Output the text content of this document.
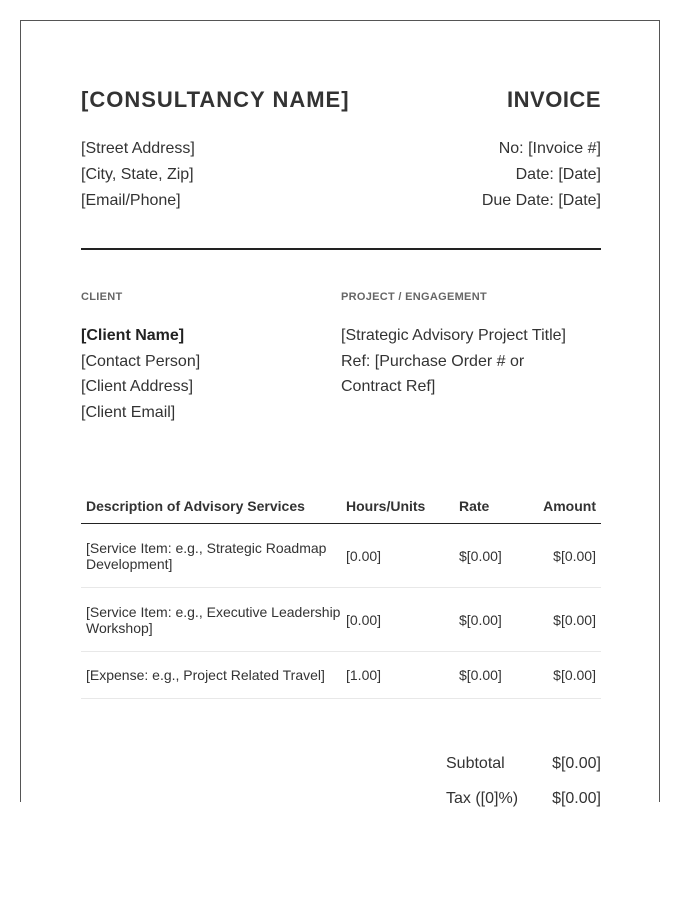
[CONSULTANCY NAME]	INVOICE
[Street Address]
[City, State, Zip]
[Email/Phone]
No: [Invoice #]
Date: [Date]
Due Date: [Date]
CLIENT
[Client Name]
[Contact Person]
[Client Address]
[Client Email]
PROJECT / ENGAGEMENT
[Strategic Advisory Project Title]
Ref: [Purchase Order # or
Contract Ref]
Description of Advisory Services	Hours/Units	Rate	Amount
[Service Item: e.g., Strategic Roadmap Development]	[0.00]	$[0.00]	$[0.00]
[Service Item: e.g., Executive Leadership Workshop]	[0.00]	$[0.00]	$[0.00]
[Expense: e.g., Project Related Travel]	[1.00]	$[0.00]	$[0.00]
Subtotal	$[0.00]
Tax ([0]%) $[0.00]
